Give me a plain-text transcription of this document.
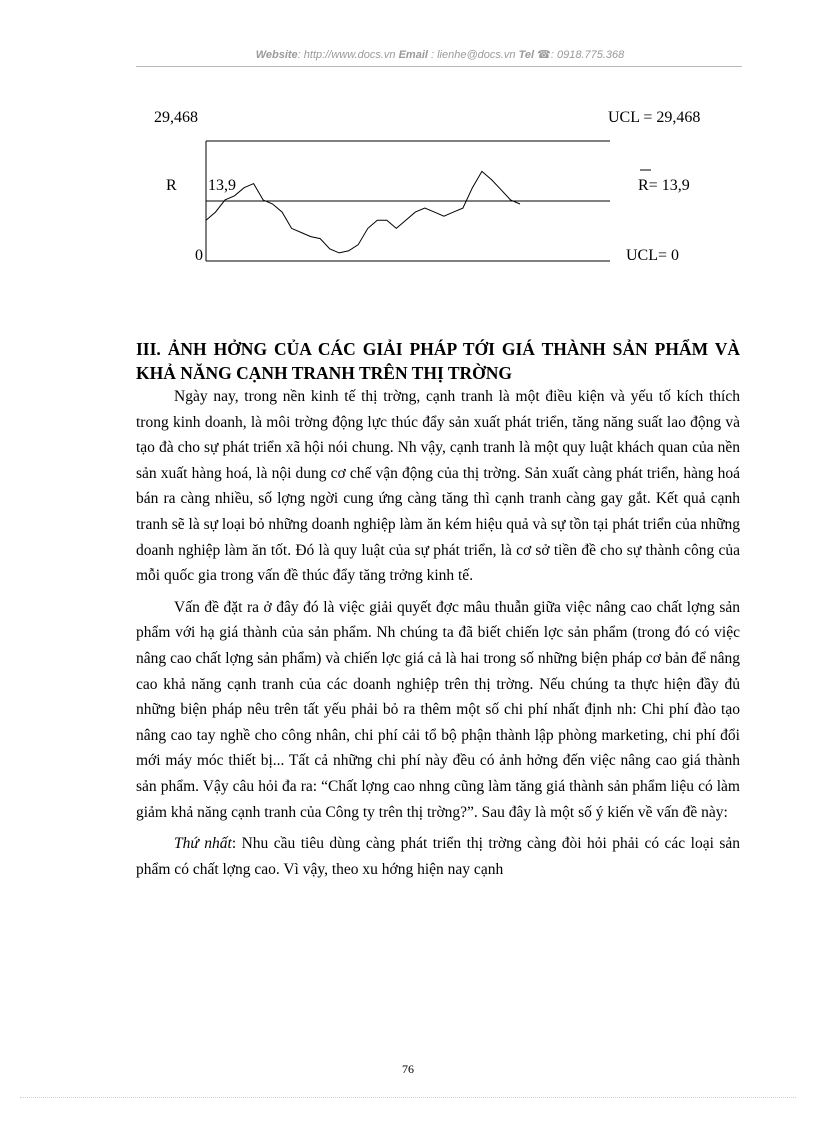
Website: http://www.docs.vn Email : lienhe@docs.vn Tel ☎: 0918.775.368
29,468	UCL = 29,468
R 13,9	R= 13,9
0	UCL= 0
III. ẢNH HỞNG CỦA CÁC GIẢI PHÁP TỚI GIÁ THÀNH SẢN PHẨM VÀ KHẢ NĂNG CẠNH TRANH TRÊN THỊ TRỜNG

Ngày nay, trong nền kinh tế thị trờng, cạnh tranh là một điều kiện và yếu tố kích thích trong kinh doanh, là môi trờng động lực thúc đẩy sản xuất phát triển, tăng năng suất lao động và tạo đà cho sự phát triển xã hội nói chung. Nh vậy, cạnh tranh là một quy luật khách quan của nền sản xuất hàng hoá, là nội dung cơ chế vận động của thị trờng. Sản xuất càng phát triển, hàng hoá bán ra càng nhiều, số lợng ngời cung ứng càng tăng thì cạnh tranh càng gay gắt. Kết quả cạnh tranh sẽ là sự loại bỏ những doanh nghiệp làm ăn kém hiệu quả và sự tồn tại phát triển của những doanh nghiệp làm ăn tốt. Đó là quy luật của sự phát triển, là cơ sở tiền đề cho sự thành công của mỗi quốc gia trong vấn đề thúc đẩy tăng trởng kinh tế.

Vấn đề đặt ra ở đây đó là việc giải quyết đợc mâu thuẫn giữa việc nâng cao chất lợng sản phẩm với hạ giá thành của sản phẩm. Nh chúng ta đã biết chiến lợc sản phẩm (trong đó có việc nâng cao chất lợng sản phẩm) và chiến lợc giá cả là hai trong số những biện pháp cơ bản để nâng cao khả năng cạnh tranh của các doanh nghiệp trên thị trờng. Nếu chúng ta thực hiện đầy đủ những biện pháp nêu trên tất yếu phải bỏ ra thêm một số chi phí nhất định nh: Chi phí đào tạo nâng cao tay nghề cho công nhân, chi phí cải tổ bộ phận thành lập phòng marketing, chi phí đổi mới máy móc thiết bị... Tất cả những chi phí này đều có ảnh hởng đến việc nâng cao giá thành sản phẩm. Vậy câu hỏi đa ra: “Chất lợng cao nhng cũng làm tăng giá thành sản phẩm liệu có làm giảm khả năng cạnh tranh của Công ty trên thị trờng?”. Sau đây là một số ý kiến về vấn đề này:

Thứ nhất: Nhu cầu tiêu dùng càng phát triển thị trờng càng đòi hỏi phải có các loại sản phẩm có chất lợng cao. Vì vậy, theo xu hớng hiện nay cạnh

76
